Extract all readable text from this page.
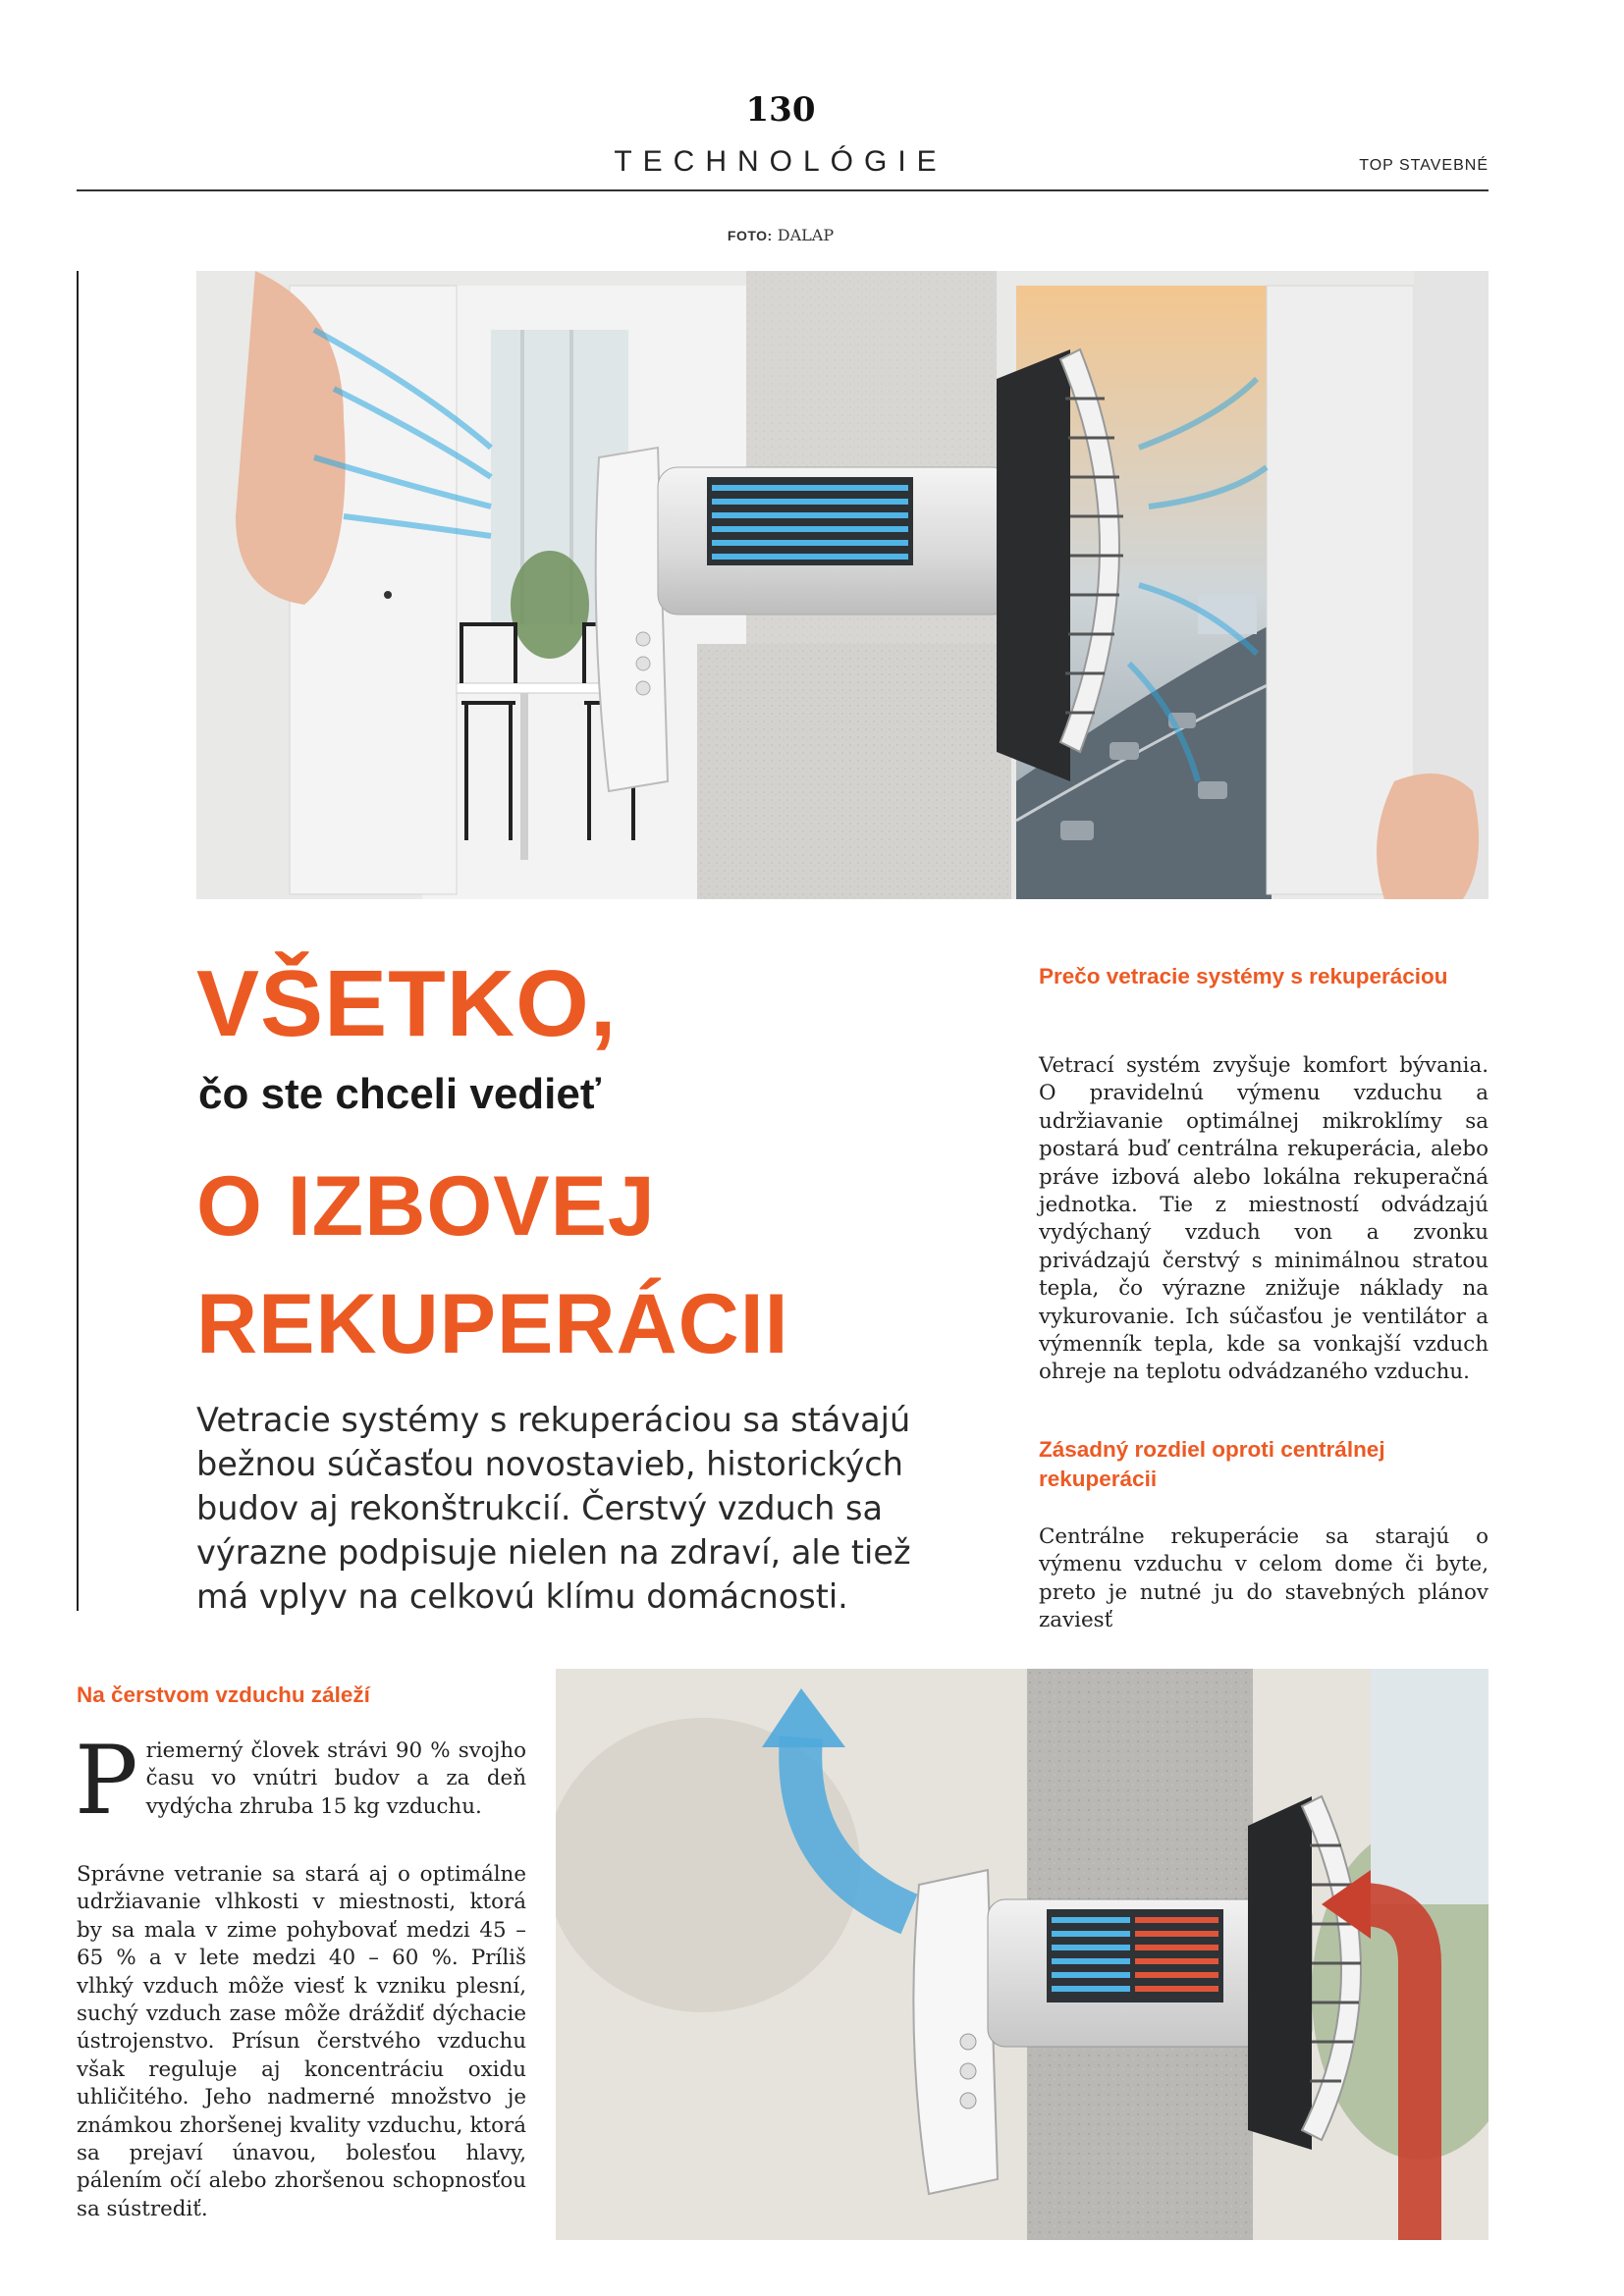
130
TECHNOLÓGIE	TOP STAVEBNÉ
FOTO: DALAP
VŠETKO,
čo ste chceli vedieť
O IZBOVEJ
REKUPERÁCII
Vetracie systémy s rekuperáciou sa stávajú bežnou súčasťou novostavieb, historických budov aj rekonštrukcií. Čerstvý vzduch sa výrazne podpisuje nielen na zdraví, ale tiež má vplyv na celkovú klímu domácnosti.
Prečo vetracie systémy s rekuperáciou
Vetrací systém zvyšuje komfort bývania. O pravidelnú výmenu vzduchu a udržiavanie optimálnej mikroklímy sa postará buď centrálna rekuperácia, alebo práve izbová alebo lokálna rekuperačná jednotka. Tie z miestností odvádzajú vydýchaný vzduch von a zvonku privádzajú čerstvý s minimálnou stratou tepla, čo výrazne znižuje náklady na vykurovanie. Ich súčasťou je ventilátor a výmenník tepla, kde sa vonkajší vzduch ohreje na teplotu odvádzaného vzduchu.
Zásadný rozdiel oproti centrálnej rekuperácii
Centrálne rekuperácie sa starajú o výmenu vzduchu v celom dome či byte, preto je nutné ju do stavebných plánov zaviesť
Na čerstvom vzduchu záleží
Priemerný človek strávi 90 % svojho času vo vnútri budov a za deň vydýcha zhruba 15 kg vzduchu.
Správne vetranie sa stará aj o optimálne udržiavanie vlhkosti v miestnosti, ktorá by sa mala v zime pohybovať medzi 45 – 65 % a v lete medzi 40 – 60 %. Príliš vlhký vzduch môže viesť k vzniku plesní, suchý vzduch zase môže dráždiť dýchacie ústrojenstvo. Prísun čerstvého vzduchu však reguluje aj koncentráciu oxidu uhličitého. Jeho nadmerné množstvo je známkou zhoršenej kvality vzduchu, ktorá sa prejaví únavou, bolesťou hlavy, pálením očí alebo zhoršenou schopnosťou sa sústrediť.
